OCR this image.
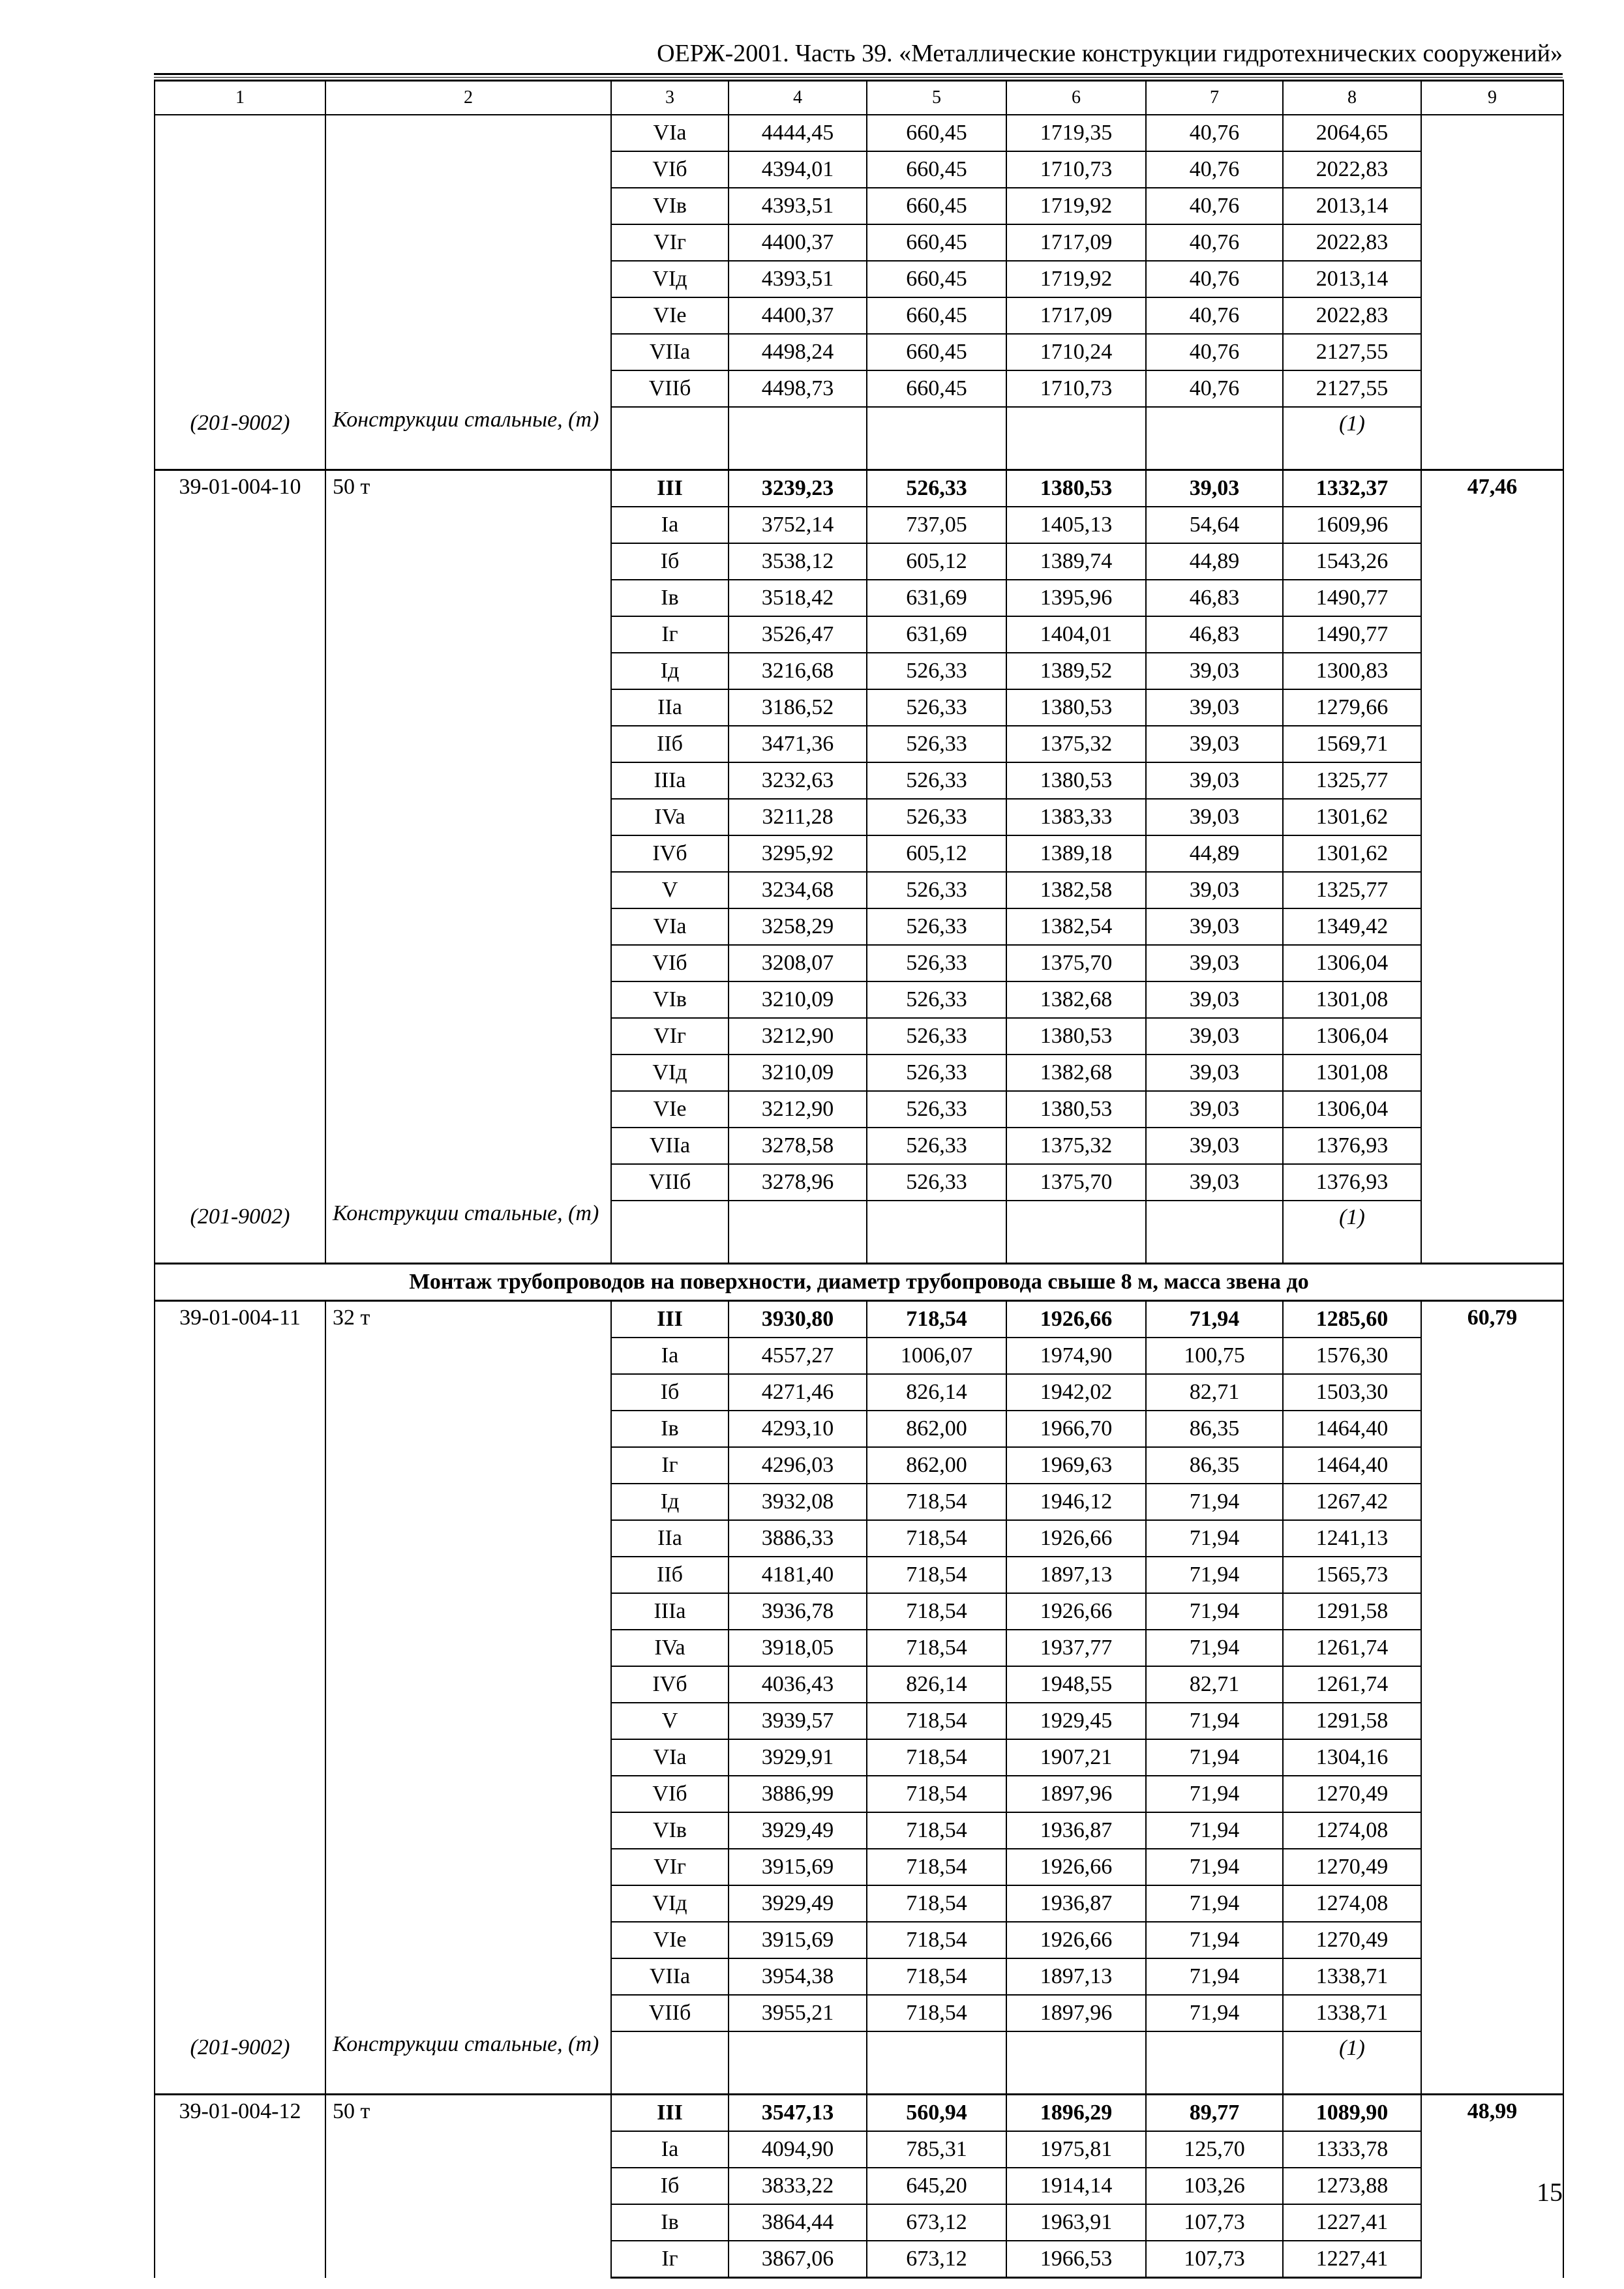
ОЕРЖ-2001. Часть 39. «Металлические конструкции гидротехнических сооружений»
1	2	3	4	5	6	7	8	9
		VIa	4444,45	660,45	1719,35	40,76	2064,65	
		VIб	4394,01	660,45	1710,73	40,76	2022,83	
		VIв	4393,51	660,45	1719,92	40,76	2013,14	
		VIг	4400,37	660,45	1717,09	40,76	2022,83	
		VIд	4393,51	660,45	1719,92	40,76	2013,14	
		VIe	4400,37	660,45	1717,09	40,76	2022,83	
		VIIa	4498,24	660,45	1710,24	40,76	2127,55	
		VIIб	4498,73	660,45	1710,73	40,76	2127,55	
(201-9002)	Конструкции стальные, (т)						(1)	
39-01-004-10	50 т	III	3239,23	526,33	1380,53	39,03	1332,37	47,46
		Ia	3752,14	737,05	1405,13	54,64	1609,96	
		Iб	3538,12	605,12	1389,74	44,89	1543,26	
		Iв	3518,42	631,69	1395,96	46,83	1490,77	
		Iг	3526,47	631,69	1404,01	46,83	1490,77	
		Iд	3216,68	526,33	1389,52	39,03	1300,83	
		IIa	3186,52	526,33	1380,53	39,03	1279,66	
		IIб	3471,36	526,33	1375,32	39,03	1569,71	
		IIIa	3232,63	526,33	1380,53	39,03	1325,77	
		IVa	3211,28	526,33	1383,33	39,03	1301,62	
		IVб	3295,92	605,12	1389,18	44,89	1301,62	
		V	3234,68	526,33	1382,58	39,03	1325,77	
		VIa	3258,29	526,33	1382,54	39,03	1349,42	
		VIб	3208,07	526,33	1375,70	39,03	1306,04	
		VIв	3210,09	526,33	1382,68	39,03	1301,08	
		VIг	3212,90	526,33	1380,53	39,03	1306,04	
		VIд	3210,09	526,33	1382,68	39,03	1301,08	
		VIe	3212,90	526,33	1380,53	39,03	1306,04	
		VIIa	3278,58	526,33	1375,32	39,03	1376,93	
		VIIб	3278,96	526,33	1375,70	39,03	1376,93	
(201-9002)	Конструкции стальные, (т)						(1)	
Монтаж трубопроводов на поверхности, диаметр трубопровода свыше 8 м, масса звена до								
39-01-004-11	32 т	III	3930,80	718,54	1926,66	71,94	1285,60	60,79
		Ia	4557,27	1006,07	1974,90	100,75	1576,30	
		Iб	4271,46	826,14	1942,02	82,71	1503,30	
		Iв	4293,10	862,00	1966,70	86,35	1464,40	
		Iг	4296,03	862,00	1969,63	86,35	1464,40	
		Iд	3932,08	718,54	1946,12	71,94	1267,42	
		IIa	3886,33	718,54	1926,66	71,94	1241,13	
		IIб	4181,40	718,54	1897,13	71,94	1565,73	
		IIIa	3936,78	718,54	1926,66	71,94	1291,58	
		IVa	3918,05	718,54	1937,77	71,94	1261,74	
		IVб	4036,43	826,14	1948,55	82,71	1261,74	
		V	3939,57	718,54	1929,45	71,94	1291,58	
		VIa	3929,91	718,54	1907,21	71,94	1304,16	
		VIб	3886,99	718,54	1897,96	71,94	1270,49	
		VIв	3929,49	718,54	1936,87	71,94	1274,08	
		VIг	3915,69	718,54	1926,66	71,94	1270,49	
		VIд	3929,49	718,54	1936,87	71,94	1274,08	
		VIe	3915,69	718,54	1926,66	71,94	1270,49	
		VIIa	3954,38	718,54	1897,13	71,94	1338,71	
		VIIб	3955,21	718,54	1897,96	71,94	1338,71	
(201-9002)	Конструкции стальные, (т)						(1)	
39-01-004-12	50 т	III	3547,13	560,94	1896,29	89,77	1089,90	48,99
		Ia	4094,90	785,31	1975,81	125,70	1333,78	
		Iб	3833,22	645,20	1914,14	103,26	1273,88	
		Iв	3864,44	673,12	1963,91	107,73	1227,41	
		Iг	3867,06	673,12	1966,53	107,73	1227,41	
15
